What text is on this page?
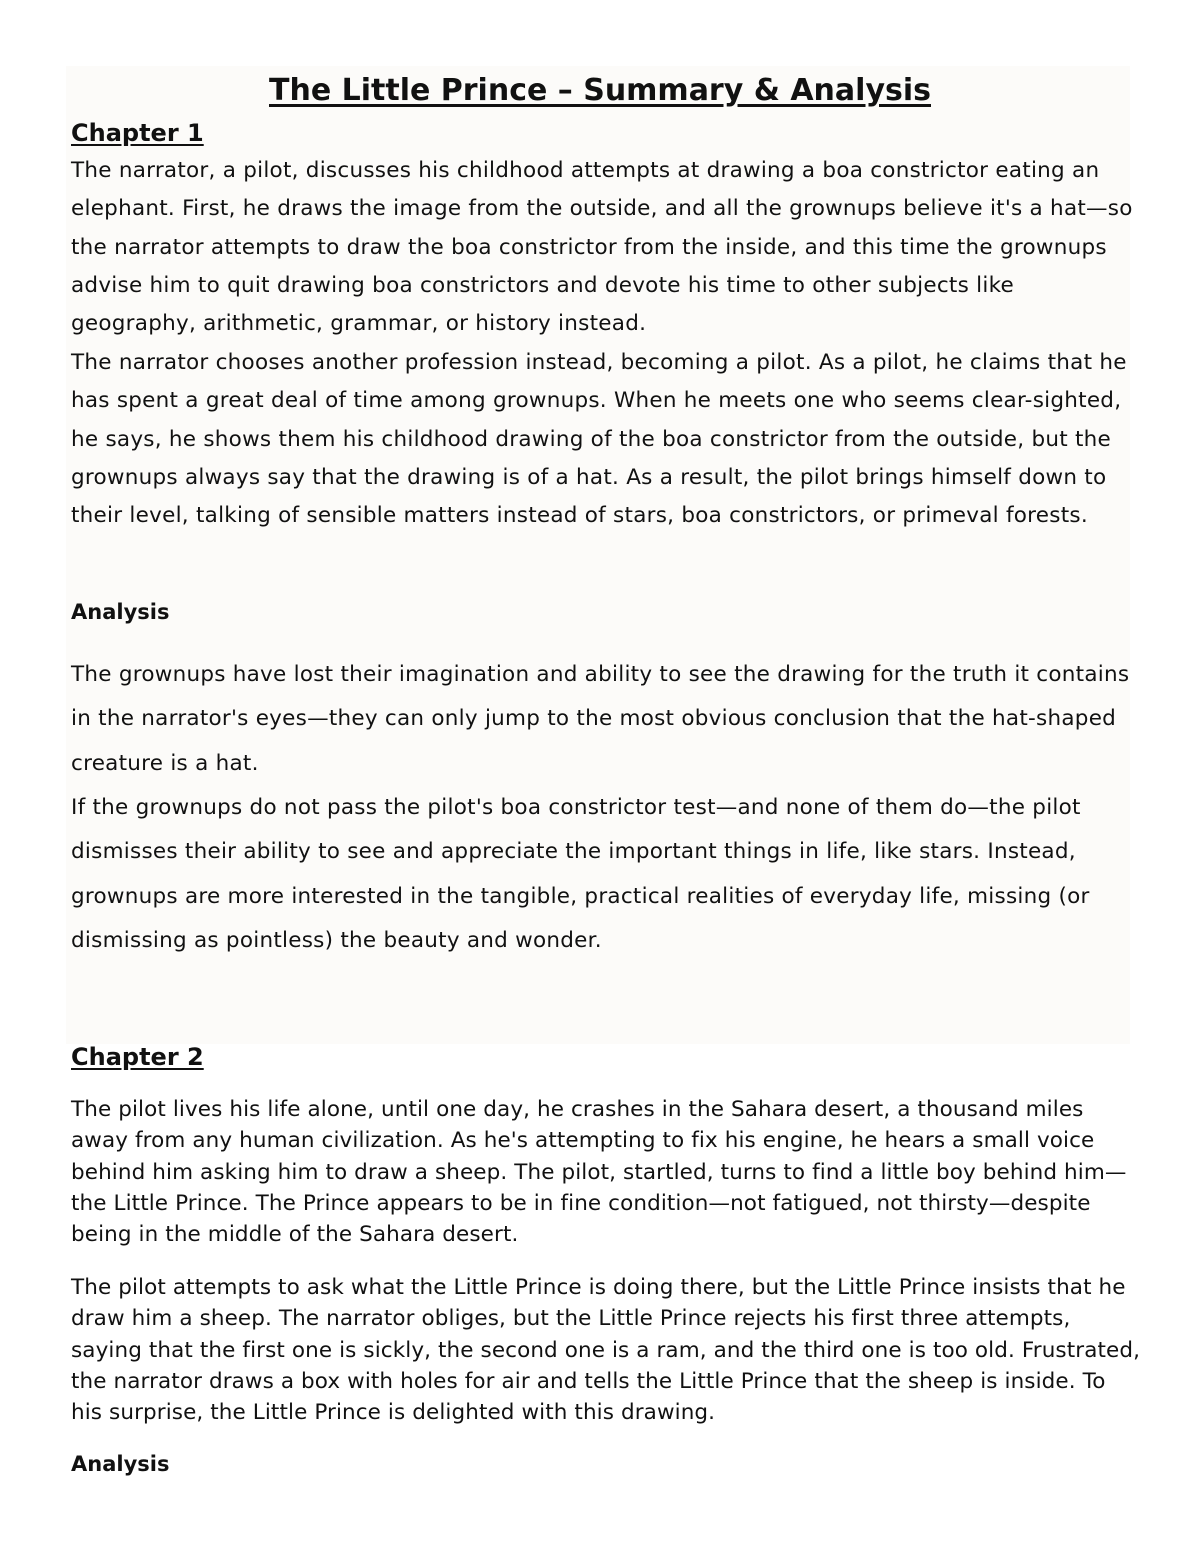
The Little Prince – Summary & Analysis
Chapter 1

The narrator, a pilot, discusses his childhood attempts at drawing a boa constrictor eating an elephant. First, he draws the image from the outside, and all the grownups believe it's a hat—so the narrator attempts to draw the boa constrictor from the inside, and this time the grownups advise him to quit drawing boa constrictors and devote his time to other subjects like geography, arithmetic, grammar, or history instead.

The narrator chooses another profession instead, becoming a pilot. As a pilot, he claims that he has spent a great deal of time among grownups. When he meets one who seems clear-sighted, he says, he shows them his childhood drawing of the boa constrictor from the outside, but the grownups always say that the drawing is of a hat. As a result, the pilot brings himself down to their level, talking of sensible matters instead of stars, boa constrictors, or primeval forests.

Analysis

The grownups have lost their imagination and ability to see the drawing for the truth it contains in the narrator's eyes—they can only jump to the most obvious conclusion that the hat-shaped creature is a hat.

If the grownups do not pass the pilot's boa constrictor test—and none of them do—the pilot dismisses their ability to see and appreciate the important things in life, like stars. Instead, grownups are more interested in the tangible, practical realities of everyday life, missing (or dismissing as pointless) the beauty and wonder.

Chapter 2

The pilot lives his life alone, until one day, he crashes in the Sahara desert, a thousand miles away from any human civilization. As he's attempting to fix his engine, he hears a small voice behind him asking him to draw a sheep. The pilot, startled, turns to find a little boy behind him—the Little Prince. The Prince appears to be in fine condition—not fatigued, not thirsty—despite being in the middle of the Sahara desert.

The pilot attempts to ask what the Little Prince is doing there, but the Little Prince insists that he draw him a sheep. The narrator obliges, but the Little Prince rejects his first three attempts, saying that the first one is sickly, the second one is a ram, and the third one is too old. Frustrated, the narrator draws a box with holes for air and tells the Little Prince that the sheep is inside. To his surprise, the Little Prince is delighted with this drawing.

Analysis
